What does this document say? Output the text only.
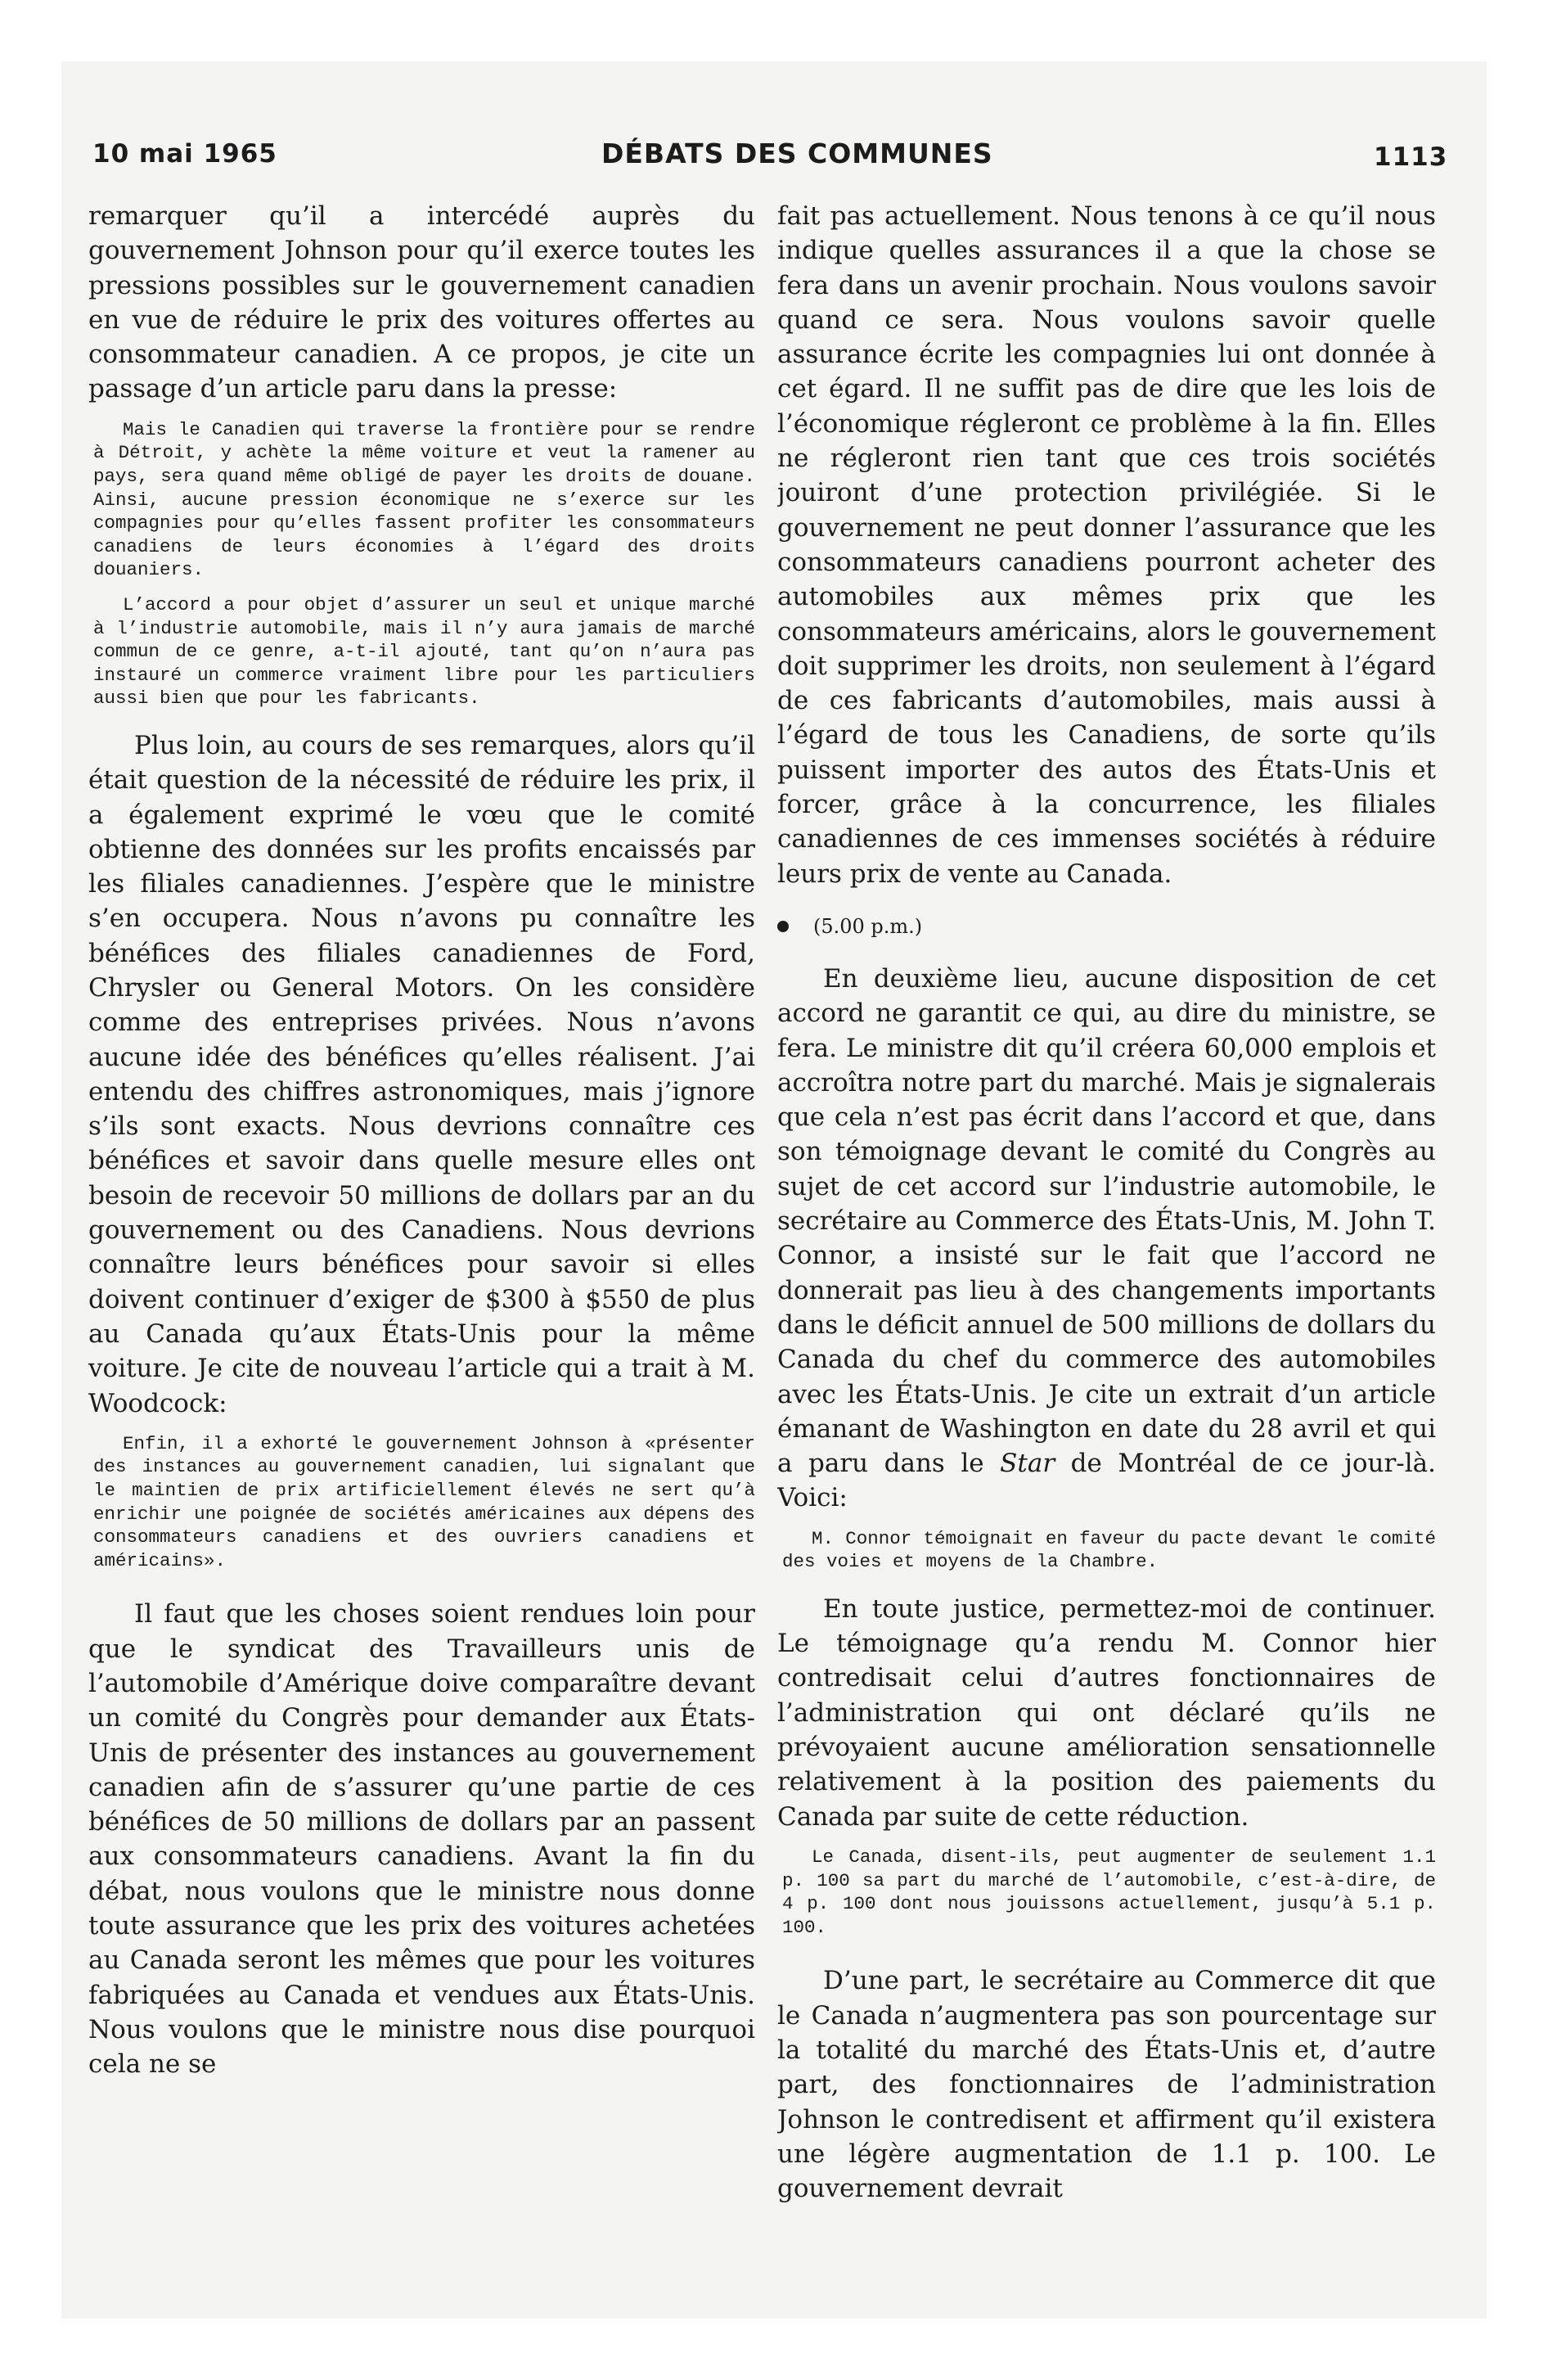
10 mai 1965	DÉBATS DES COMMUNES	1113

remarquer qu’il a intercédé auprès du gouvernement Johnson pour qu’il exerce toutes les pressions possibles sur le gouvernement canadien en vue de réduire le prix des voitures offertes au consommateur canadien. A ce propos, je cite un passage d’un article paru dans la presse:

Mais le Canadien qui traverse la frontière pour se rendre à Détroit, y achète la même voiture et veut la ramener au pays, sera quand même obligé de payer les droits de douane. Ainsi, aucune pression économique ne s’exerce sur les compagnies pour qu’elles fassent profiter les consommateurs canadiens de leurs économies à l’égard des droits douaniers.

L’accord a pour objet d’assurer un seul et unique marché à l’industrie automobile, mais il n’y aura jamais de marché commun de ce genre, a-t-il ajouté, tant qu’on n’aura pas instauré un commerce vraiment libre pour les particuliers aussi bien que pour les fabricants.

Plus loin, au cours de ses remarques, alors qu’il était question de la nécessité de réduire les prix, il a également exprimé le vœu que le comité obtienne des données sur les profits encaissés par les filiales canadiennes. J’espère que le ministre s’en occupera. Nous n’avons pu connaître les bénéfices des filiales canadiennes de Ford, Chrysler ou General Motors. On les considère comme des entreprises privées. Nous n’avons aucune idée des bénéfices qu’elles réalisent. J’ai entendu des chiffres astronomiques, mais j’ignore s’ils sont exacts. Nous devrions connaître ces bénéfices et savoir dans quelle mesure elles ont besoin de recevoir 50 millions de dollars par an du gouvernement ou des Canadiens. Nous devrions connaître leurs bénéfices pour savoir si elles doivent continuer d’exiger de $300 à $550 de plus au Canada qu’aux États-Unis pour la même voiture. Je cite de nouveau l’article qui a trait à M. Woodcock:

Enfin, il a exhorté le gouvernement Johnson à «présenter des instances au gouvernement canadien, lui signalant que le maintien de prix artificiellement élevés ne sert qu’à enrichir une poignée de sociétés américaines aux dépens des consommateurs canadiens et des ouvriers canadiens et américains».

Il faut que les choses soient rendues loin pour que le syndicat des Travailleurs unis de l’automobile d’Amérique doive comparaître devant un comité du Congrès pour demander aux États-Unis de présenter des instances au gouvernement canadien afin de s’assurer qu’une partie de ces bénéfices de 50 millions de dollars par an passent aux consommateurs canadiens. Avant la fin du débat, nous voulons que le ministre nous donne toute assurance que les prix des voitures achetées au Canada seront les mêmes que pour les voitures fabriquées au Canada et vendues aux États-Unis. Nous voulons que le ministre nous dise pourquoi cela ne se

fait pas actuellement. Nous tenons à ce qu’il nous indique quelles assurances il a que la chose se fera dans un avenir prochain. Nous voulons savoir quand ce sera. Nous voulons savoir quelle assurance écrite les compagnies lui ont donnée à cet égard. Il ne suffit pas de dire que les lois de l’économique régleront ce problème à la fin. Elles ne régleront rien tant que ces trois sociétés jouiront d’une protection privilégiée. Si le gouvernement ne peut donner l’assurance que les consommateurs canadiens pourront acheter des automobiles aux mêmes prix que les consommateurs américains, alors le gouvernement doit supprimer les droits, non seulement à l’égard de ces fabricants d’automobiles, mais aussi à l’égard de tous les Canadiens, de sorte qu’ils puissent importer des autos des États-Unis et forcer, grâce à la concurrence, les filiales canadiennes de ces immenses sociétés à réduire leurs prix de vente au Canada.

(5.00 p.m.)

En deuxième lieu, aucune disposition de cet accord ne garantit ce qui, au dire du ministre, se fera. Le ministre dit qu’il créera 60,000 emplois et accroîtra notre part du marché. Mais je signalerais que cela n’est pas écrit dans l’accord et que, dans son témoignage devant le comité du Congrès au sujet de cet accord sur l’industrie automobile, le secrétaire au Commerce des États-Unis, M. John T. Connor, a insisté sur le fait que l’accord ne donnerait pas lieu à des changements importants dans le déficit annuel de 500 millions de dollars du Canada du chef du commerce des automobiles avec les États-Unis. Je cite un extrait d’un article émanant de Washington en date du 28 avril et qui a paru dans le Star de Montréal de ce jour-là. Voici:

M. Connor témoignait en faveur du pacte devant le comité des voies et moyens de la Chambre.

En toute justice, permettez-moi de continuer. Le témoignage qu’a rendu M. Connor hier contredisait celui d’autres fonctionnaires de l’administration qui ont déclaré qu’ils ne prévoyaient aucune amélioration sensationnelle relativement à la position des paiements du Canada par suite de cette réduction.

Le Canada, disent-ils, peut augmenter de seulement 1.1 p. 100 sa part du marché de l’automobile, c’est-à-dire, de 4 p. 100 dont nous jouissons actuellement, jusqu’à 5.1 p. 100.

D’une part, le secrétaire au Commerce dit que le Canada n’augmentera pas son pourcentage sur la totalité du marché des États-Unis et, d’autre part, des fonctionnaires de l’administration Johnson le contredisent et affirment qu’il existera une légère augmentation de 1.1 p. 100. Le gouvernement devrait
